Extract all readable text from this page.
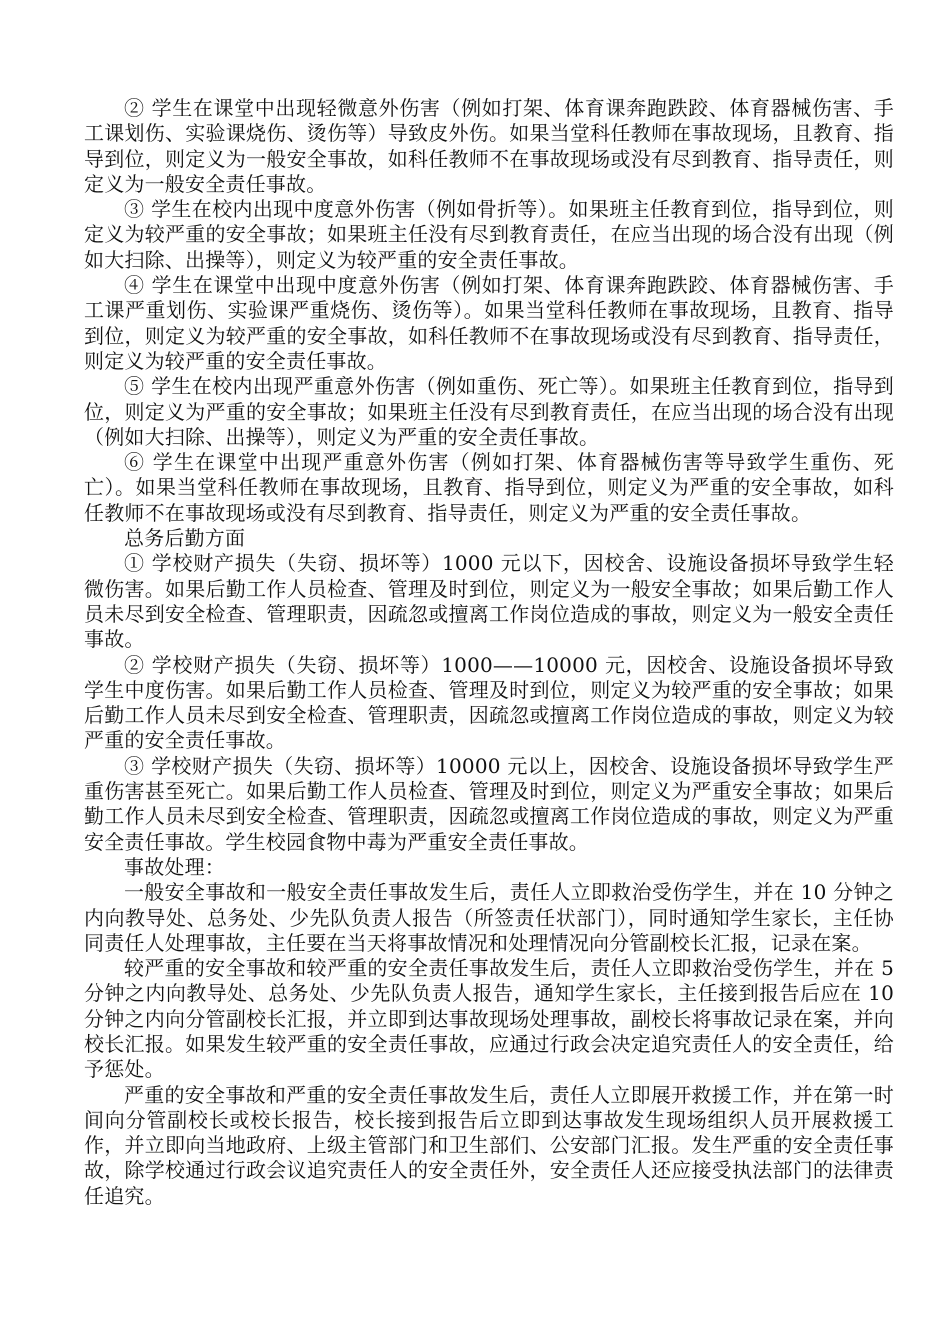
② 学生在课堂中出现轻微意外伤害（例如打架、体育课奔跑跌跤、体育器械伤害、手工课划伤、实验课烧伤、烫伤等）导致皮外伤。如果当堂科任教师在事故现场，且教育、指导到位，则定义为一般安全事故，如科任教师不在事故现场或没有尽到教育、指导责任，则定义为一般安全责任事故。

③ 学生在校内出现中度意外伤害（例如骨折等）。如果班主任教育到位，指导到位，则定义为较严重的安全事故；如果班主任没有尽到教育责任，在应当出现的场合没有出现（例如大扫除、出操等），则定义为较严重的安全责任事故。

④ 学生在课堂中出现中度意外伤害（例如打架、体育课奔跑跌跤、体育器械伤害、手工课严重划伤、实验课严重烧伤、烫伤等）。如果当堂科任教师在事故现场，且教育、指导到位，则定义为较严重的安全事故，如科任教师不在事故现场或没有尽到教育、指导责任，则定义为较严重的安全责任事故。

⑤ 学生在校内出现严重意外伤害（例如重伤、死亡等）。如果班主任教育到位，指导到位，则定义为严重的安全事故；如果班主任没有尽到教育责任，在应当出现的场合没有出现（例如大扫除、出操等），则定义为严重的安全责任事故。

⑥ 学生在课堂中出现严重意外伤害（例如打架、体育器械伤害等导致学生重伤、死亡）。如果当堂科任教师在事故现场，且教育、指导到位，则定义为严重的安全事故，如科任教师不在事故现场或没有尽到教育、指导责任，则定义为严重的安全责任事故。

总务后勤方面

① 学校财产损失（失窃、损坏等）1000 元以下，因校舍、设施设备损坏导致学生轻微伤害。如果后勤工作人员检查、管理及时到位，则定义为一般安全事故；如果后勤工作人员未尽到安全检查、管理职责，因疏忽或擅离工作岗位造成的事故，则定义为一般安全责任事故。

② 学校财产损失（失窃、损坏等）1000——10000 元，因校舍、设施设备损坏导致学生中度伤害。如果后勤工作人员检查、管理及时到位，则定义为较严重的安全事故；如果后勤工作人员未尽到安全检查、管理职责，因疏忽或擅离工作岗位造成的事故，则定义为较严重的安全责任事故。

③ 学校财产损失（失窃、损坏等）10000 元以上，因校舍、设施设备损坏导致学生严重伤害甚至死亡。如果后勤工作人员检查、管理及时到位，则定义为严重安全事故；如果后勤工作人员未尽到安全检查、管理职责，因疏忽或擅离工作岗位造成的事故，则定义为严重安全责任事故。学生校园食物中毒为严重安全责任事故。

事故处理：

一般安全事故和一般安全责任事故发生后，责任人立即救治受伤学生，并在 10 分钟之内向教导处、总务处、少先队负责人报告（所签责任状部门），同时通知学生家长，主任协同责任人处理事故，主任要在当天将事故情况和处理情况向分管副校长汇报，记录在案。

较严重的安全事故和较严重的安全责任事故发生后，责任人立即救治受伤学生，并在 5 分钟之内向教导处、总务处、少先队负责人报告，通知学生家长，主任接到报告后应在 10 分钟之内向分管副校长汇报，并立即到达事故现场处理事故，副校长将事故记录在案，并向校长汇报。如果发生较严重的安全责任事故，应通过行政会决定追究责任人的安全责任，给予惩处。

严重的安全事故和严重的安全责任事故发生后，责任人立即展开救援工作，并在第一时间向分管副校长或校长报告，校长接到报告后立即到达事故发生现场组织人员开展救援工作，并立即向当地政府、上级主管部门和卫生部们、公安部门汇报。发生严重的安全责任事故，除学校通过行政会议追究责任人的安全责任外，安全责任人还应接受执法部门的法律责任追究。
